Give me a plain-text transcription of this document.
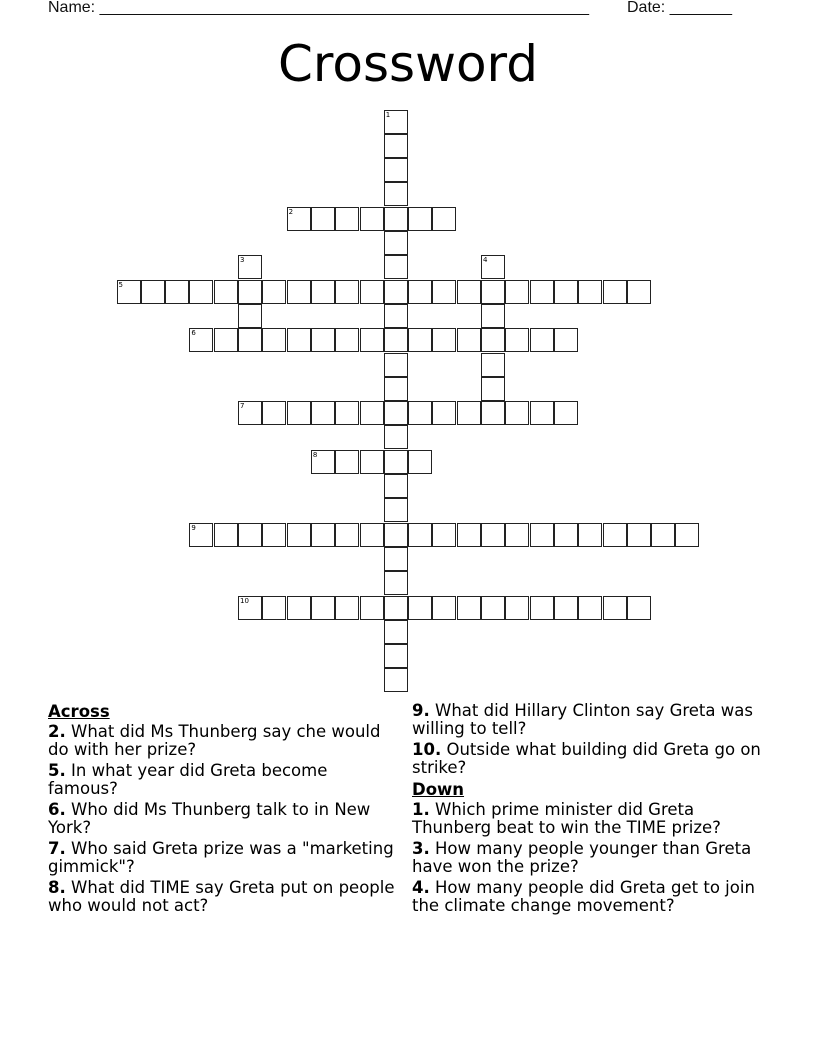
Name: _______________________________________________________ Date: _______
Crossword
1
2
3	4
5
6
7
8
9
10
Across
2. What did Ms Thunberg say che would do with her prize?
5. In what year did Greta become famous?
6. Who did Ms Thunberg talk to in New York?
7. Who said Greta prize was a "marketing gimmick"?
8. What did TIME say Greta put on people who would not act?
9. What did Hillary Clinton say Greta was willing to tell?
10. Outside what building did Greta go on strike?
Down
1. Which prime minister did Greta Thunberg beat to win the TIME prize?
3. How many people younger than Greta have won the prize?
4. How many people did Greta get to join the climate change movement?
